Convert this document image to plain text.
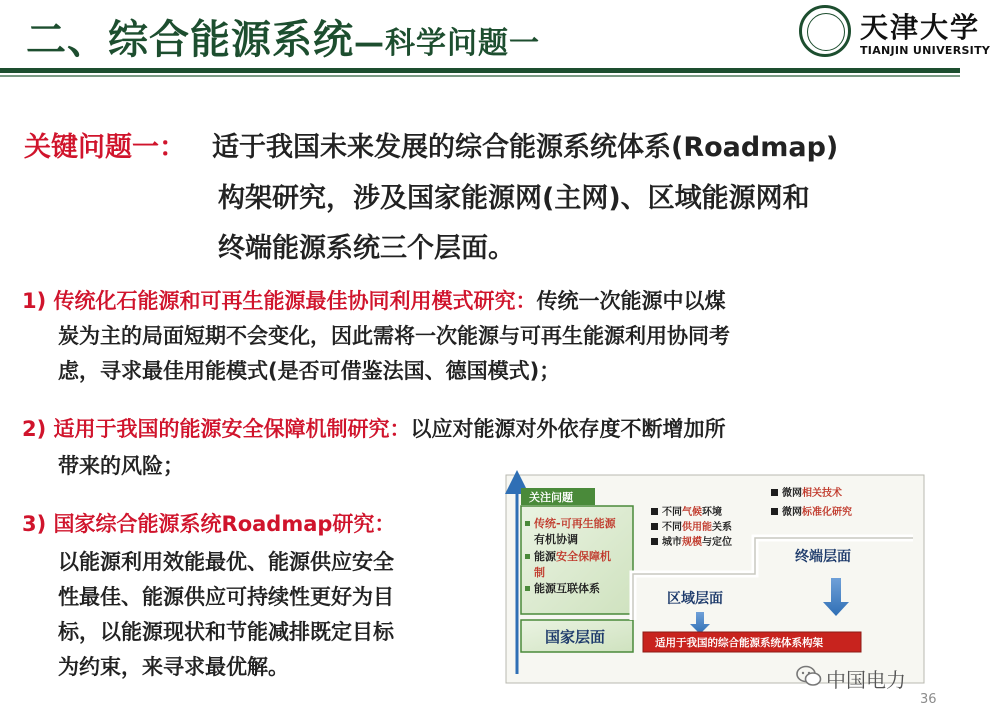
二、综合能源系统—科学问题一	天津大学
TIANJIN UNIVERSITY
关键问题一： 适于我国未来发展的综合能源系统体系(Roadmap)
构架研究，涉及国家能源网(主网)、区域能源网和
终端能源系统三个层面。
1) 传统化石能源和可再生能源最佳协同利用模式研究：传统一次能源中以煤
炭为主的局面短期不会变化，因此需将一次能源与可再生能源利用协同考
虑，寻求最佳用能模式(是否可借鉴法国、德国模式)；
2) 适用于我国的能源安全保障机制研究：以应对能源对外依存度不断增加所
带来的风险；
3) 国家综合能源系统Roadmap研究：
以能源利用效能最优、能源供应安全
性最佳、能源供应可持续性更好为目
标，以能源现状和节能减排既定目标
为约束，来寻求最优解。
关注问题
传统-可再生能源
有机协调
能源安全保障机
制
能源互联体系
国家层面
不同气候环境
不同供用能关系
城市规模与定位
区域层面
微网相关技术
微网标准化研究
终端层面
适用于我国的综合能源系统体系构架
中国电力
36
